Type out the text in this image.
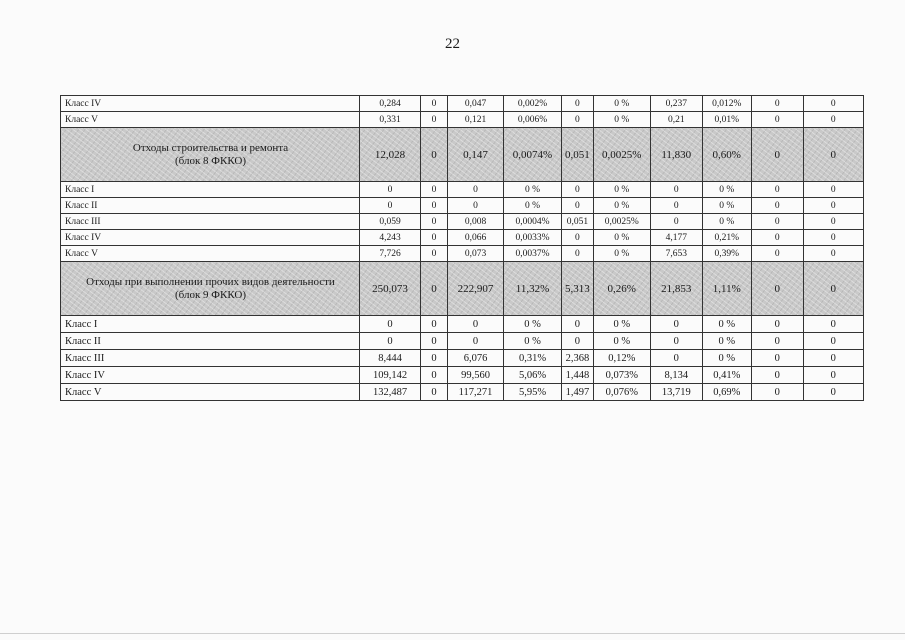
22
Класс IV	0,284	0	0,047	0,002%	0	0 %	0,237	0,012%	0	0
Класс V	0,331	0	0,121	0,006%	0	0 %	0,21	0,01%	0	0

Отходы строительства и ремонта
(блок 8 ФККО)	12,028	0	0,147	0,0074%	0,051	0,0025%	11,830	0,60%	0	0
Класс I	0	0	0	0 %	0	0 %	0	0 %	0	0
Класс II	0	0	0	0 %	0	0 %	0	0 %	0	0
Класс III	0,059	0	0,008	0,0004%	0,051	0,0025%	0	0 %	0	0
Класс IV	4,243	0	0,066	0,0033%	0	0 %	4,177	0,21%	0	0
Класс V	7,726	0	0,073	0,0037%	0	0 %	7,653	0,39%	0	0

Отходы при выполнении прочих видов деятельности
(блок 9 ФККО)	250,073	0	222,907	11,32%	5,313	0,26%	21,853	1,11%	0	0
Класс I	0	0	0	0 %	0	0 %	0	0 %	0	0
Класс II	0	0	0	0 %	0	0 %	0	0 %	0	0
Класс III	8,444	0	6,076	0,31%	2,368	0,12%	0	0 %	0	0
Класс IV	109,142	0	99,560	5,06%	1,448	0,073%	8,134	0,41%	0	0
Класс V	132,487	0	117,271	5,95%	1,497	0,076%	13,719	0,69%	0	0
